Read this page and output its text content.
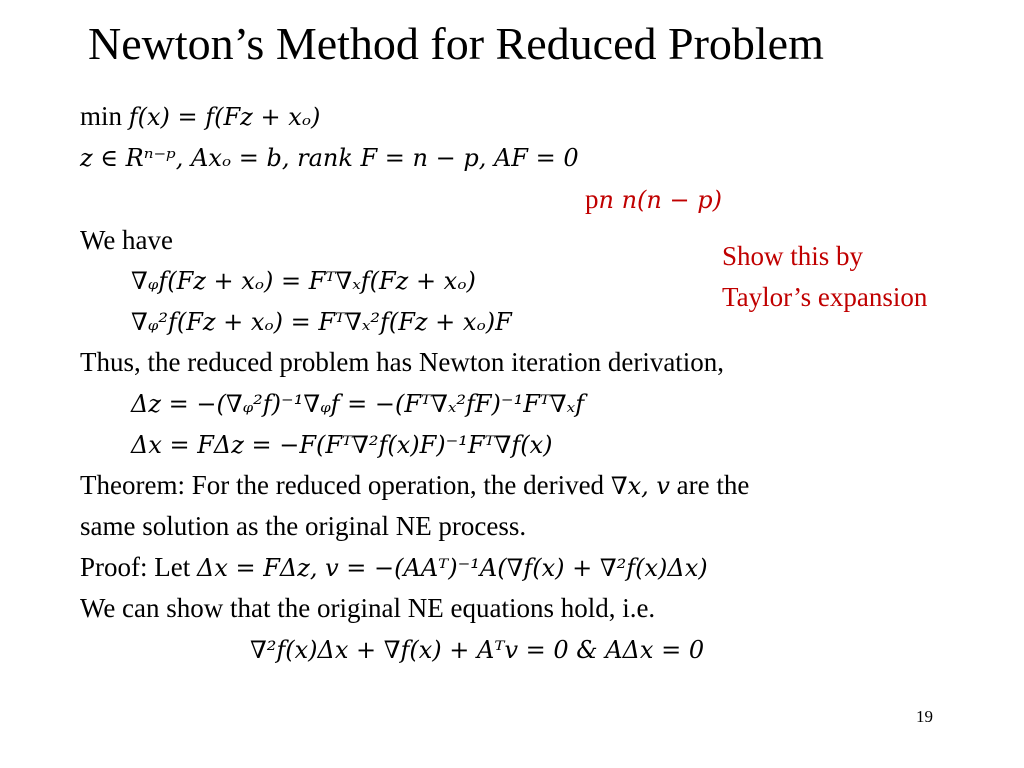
Newton’s Method for Reduced Problem
min 𝑓(𝑥) = 𝑓(𝐹𝑧 + 𝑥ₒ)
𝑧 ∈ 𝑅ⁿ⁻ᵖ, 𝐴𝑥ₒ = 𝑏, 𝑟𝑎𝑛𝑘 𝐹 = 𝑛 − 𝑝, 𝐴𝐹 = 0
p𝑛 𝑛(𝑛 − 𝑝)
We have
∇ᵩ𝑓(𝐹𝑧 + 𝑥ₒ) = 𝐹ᵀ∇ₓ𝑓(𝐹𝑧 + 𝑥ₒ)
∇ᵩ²𝑓(𝐹𝑧 + 𝑥ₒ) = 𝐹ᵀ∇ₓ²𝑓(𝐹𝑧 + 𝑥ₒ)𝐹
Thus, the reduced problem has Newton iteration derivation,
Δ𝑧 = −(∇ᵩ²𝑓)⁻¹∇ᵩ𝑓 = −(𝐹ᵀ∇ₓ²𝑓𝐹)⁻¹𝐹ᵀ∇ₓ𝑓
Δ𝑥 = 𝐹Δ𝑧 = −𝐹(𝐹ᵀ∇²𝑓(𝑥)𝐹)⁻¹𝐹ᵀ∇𝑓(𝑥)
Theorem: For the reduced operation, the derived ∇𝑥, 𝑣 are the
same solution as the original NE process.
Proof: Let Δ𝑥 = 𝐹Δ𝑧, 𝑣 = −(𝐴𝐴ᵀ)⁻¹𝐴(∇𝑓(𝑥) + ∇²𝑓(𝑥)Δ𝑥)
We can show that the original NE equations hold, i.e.
∇²𝑓(𝑥)Δ𝑥 + ∇𝑓(𝑥) + 𝐴ᵀ𝑣 = 0 & 𝐴Δ𝑥 = 0
Show this by
Taylor’s expansion
19
